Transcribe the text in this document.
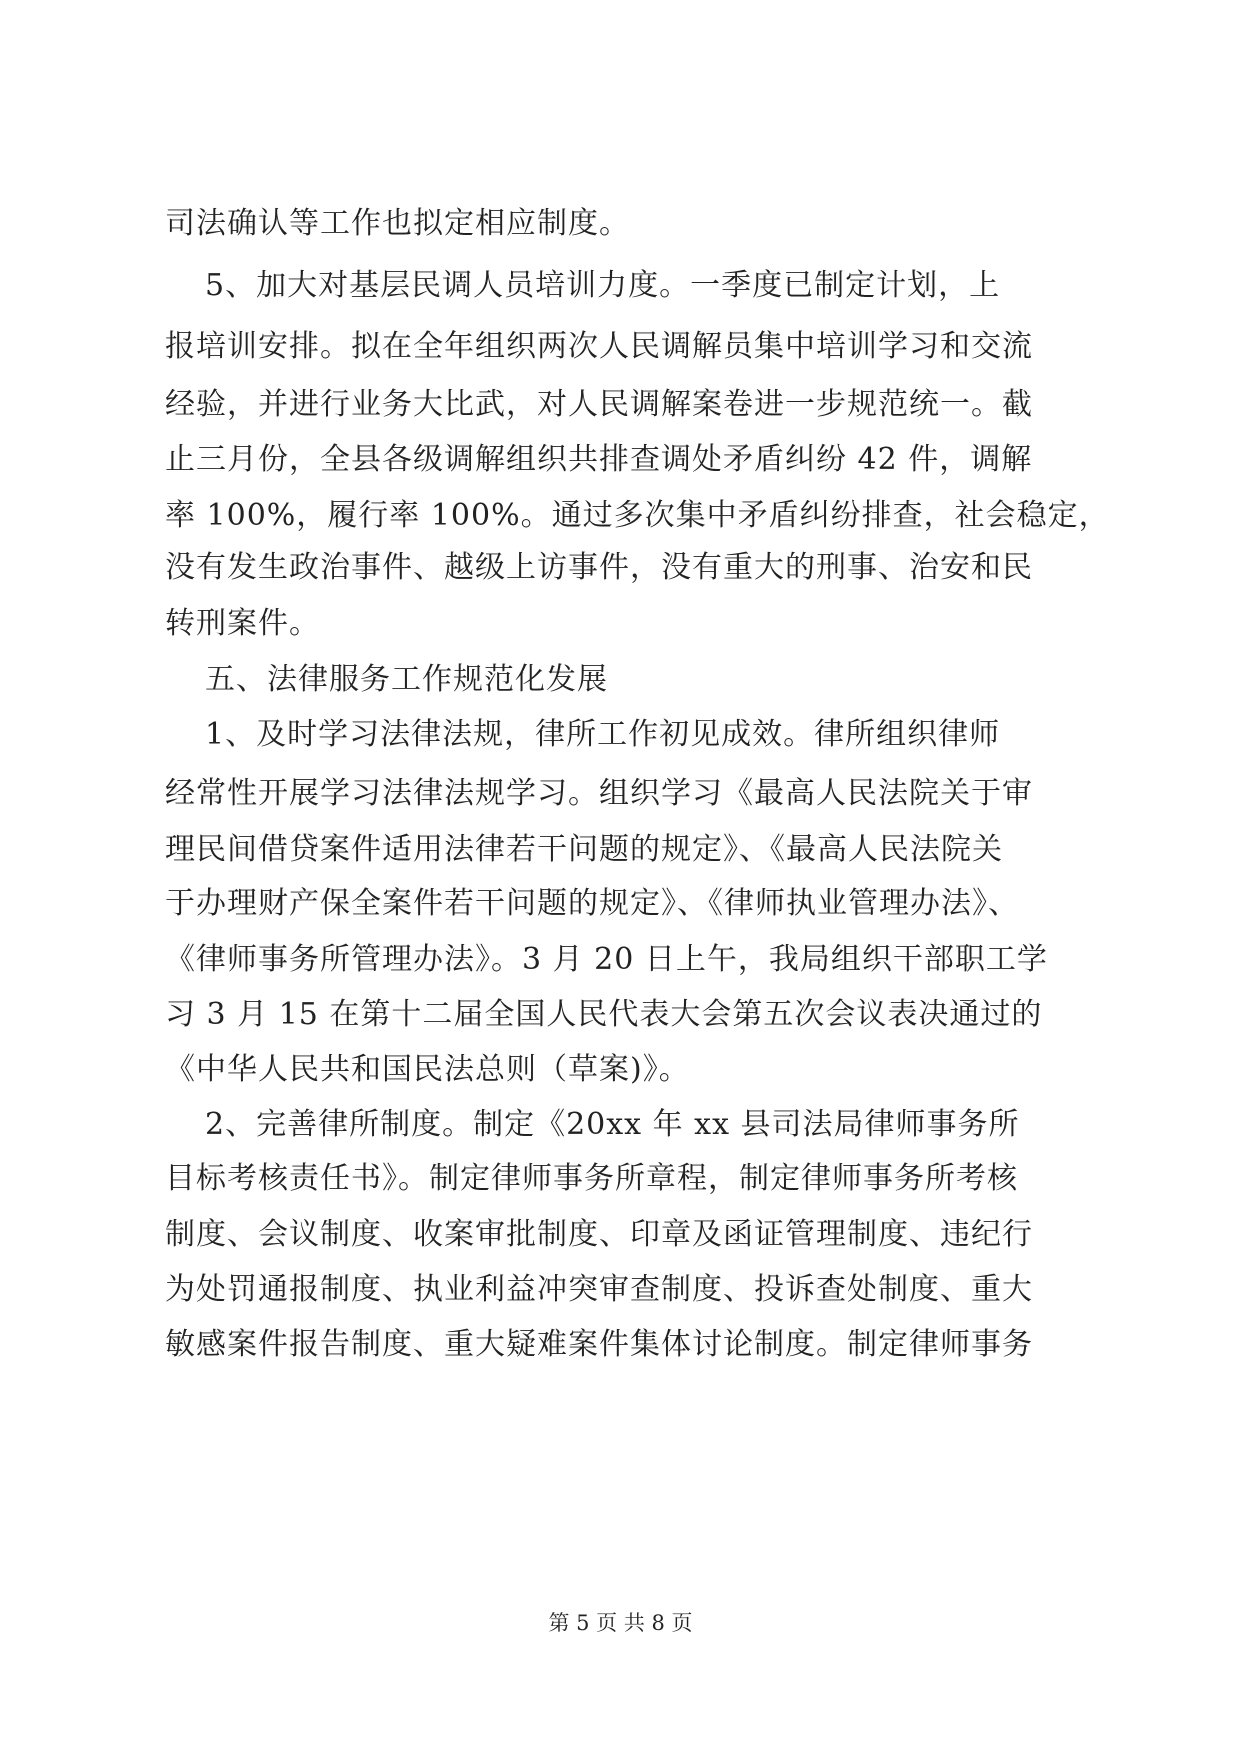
司法确认等工作也拟定相应制度。
5、加大对基层民调人员培训力度。一季度已制定计划，上
报培训安排。拟在全年组织两次人民调解员集中培训学习和交流
经验，并进行业务大比武，对人民调解案卷进一步规范统一。截
止三月份，全县各级调解组织共排查调处矛盾纠纷 42 件，调解
率 100%，履行率 100%。通过多次集中矛盾纠纷排查，社会稳定，
没有发生政治事件、越级上访事件，没有重大的刑事、治安和民
转刑案件。
五、法律服务工作规范化发展
1、及时学习法律法规，律所工作初见成效。律所组织律师
经常性开展学习法律法规学习。组织学习《最高人民法院关于审
理民间借贷案件适用法律若干问题的规定》、《最高人民法院关
于办理财产保全案件若干问题的规定》、《律师执业管理办法》、
《律师事务所管理办法》。3 月 20 日上午，我局组织干部职工学
习 3 月 15 在第十二届全国人民代表大会第五次会议表决通过的
《中华人民共和国民法总则（草案)》。
2、完善律所制度。制定《20xx 年 xx 县司法局律师事务所
目标考核责任书》。制定律师事务所章程，制定律师事务所考核
制度、会议制度、收案审批制度、印章及函证管理制度、违纪行
为处罚通报制度、执业利益冲突审查制度、投诉查处制度、重大
敏感案件报告制度、重大疑难案件集体讨论制度。制定律师事务
第 5 页 共 8 页
